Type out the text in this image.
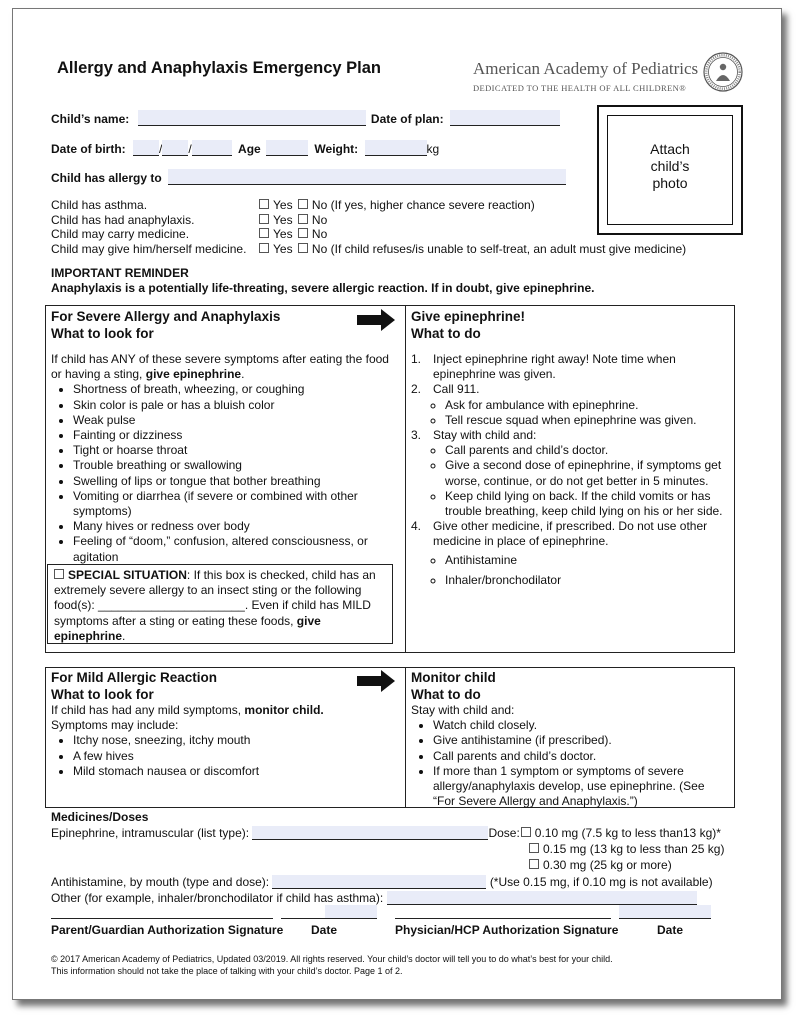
Allergy and Anaphylaxis Emergency Plan	American Academy of Pediatrics
DEDICATED TO THE HEALTH OF ALL CHILDREN®
Child’s name:	Date of plan:
Date of birth:	/ /	Age	Weight:	kg
Child has allergy to
Attach
child’s
photo
Child has asthma.	Yes No (If yes, higher chance severe reaction)
Child has had anaphylaxis.	Yes No
Child may carry medicine.	Yes No
Child may give him/herself medicine.	Yes No (If child refuses/is unable to self-treat, an adult must give medicine)
IMPORTANT REMINDER
Anaphylaxis is a potentially life-threating, severe allergic reaction. If in doubt, give epinephrine.
For Severe Allergy and Anaphylaxis
What to look for
If child has ANY of these severe symptoms after eating the food or having a sting, give epinephrine.
• Shortness of breath, wheezing, or coughing
• Skin color is pale or has a bluish color
• Weak pulse
• Fainting or dizziness
• Tight or hoarse throat
• Trouble breathing or swallowing
• Swelling of lips or tongue that bother breathing
• Vomiting or diarrhea (if severe or combined with other symptoms)
• Many hives or redness over body
• Feeling of “doom,” confusion, altered consciousness, or agitation
SPECIAL SITUATION: If this box is checked, child has an extremely severe allergy to an insect sting or the following food(s): ______________________. Even if child has MILD symptoms after a sting or eating these foods, give epinephrine.
Give epinephrine!
What to do
1. Inject epinephrine right away! Note time when epinephrine was given.
2. Call 911.
◦ Ask for ambulance with epinephrine.
◦ Tell rescue squad when epinephrine was given.
3. Stay with child and:
◦ Call parents and child’s doctor.
◦ Give a second dose of epinephrine, if symptoms get worse, continue, or do not get better in 5 minutes.
◦ Keep child lying on back. If the child vomits or has trouble breathing, keep child lying on his or her side.
4. Give other medicine, if prescribed. Do not use other medicine in place of epinephrine.
◦ Antihistamine
◦ Inhaler/bronchodilator
For Mild Allergic Reaction
What to look for
If child has had any mild symptoms, monitor child.
Symptoms may include:
• Itchy nose, sneezing, itchy mouth
• A few hives
• Mild stomach nausea or discomfort
Monitor child
What to do
Stay with child and:
• Watch child closely.
• Give antihistamine (if prescribed).
• Call parents and child’s doctor.
• If more than 1 symptom or symptoms of severe allergy/anaphylaxis develop, use epinephrine. (See “For Severe Allergy and Anaphylaxis.”)
Medicines/Doses
Epinephrine, intramuscular (list type):	Dose: 0.10 mg (7.5 kg to less than13 kg)*
0.15 mg (13 kg to less than 25 kg)
0.30 mg (25 kg or more)
Antihistamine, by mouth (type and dose):	(*Use 0.15 mg, if 0.10 mg is not available)
Other (for example, inhaler/bronchodilator if child has asthma):
Parent/Guardian Authorization Signature Date	Physician/HCP Authorization Signature	Date
© 2017 American Academy of Pediatrics, Updated 03/2019. All rights reserved. Your child’s doctor will tell you to do what’s best for your child.
This information should not take the place of talking with your child’s doctor. Page 1 of 2.
